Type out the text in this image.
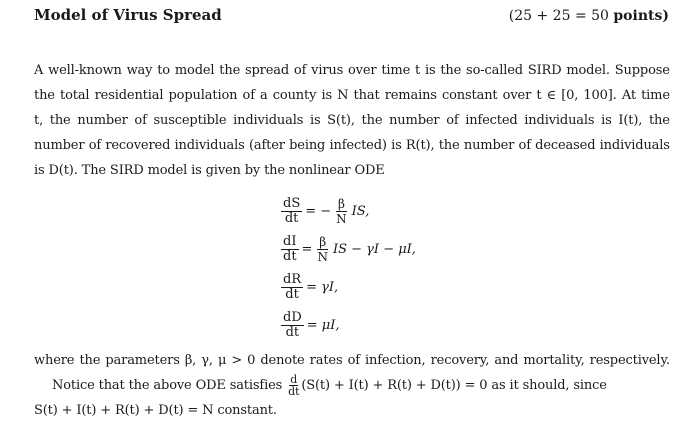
Model of Virus Spread	(25 + 25 = 50 points)
A well-known way to model the spread of virus over time t is the so-called SIRD model. Suppose
the total residential population of a county is N that remains constant over t ∈ [0, 100]. At time
t, the number of susceptible individuals is S(t), the number of infected individuals is I(t), the
number of recovered individuals (after being infected) is R(t), the number of deceased individuals
is D(t). The SIRD model is given by the nonlinear ODE
$\frac{dS}{dt}$ = − $\frac{\beta}{N}$ IS,
$\frac{dI}{dt} = \frac{\beta}{N}$ IS − γI − μI,
$\frac{dR}{dt} = \gamma I$,
$\frac{dD}{dt} = \mu I$,
where the parameters β, γ, μ > 0 denote rates of infection, recovery, and mortality, respectively.
Notice that the above ODE satisfies $\frac{d}{dt} (S(t) + I(t) + R(t) + D(t)) = 0$ as it should, since
S(t) + I(t) + R(t) + D(t) = N constant.
